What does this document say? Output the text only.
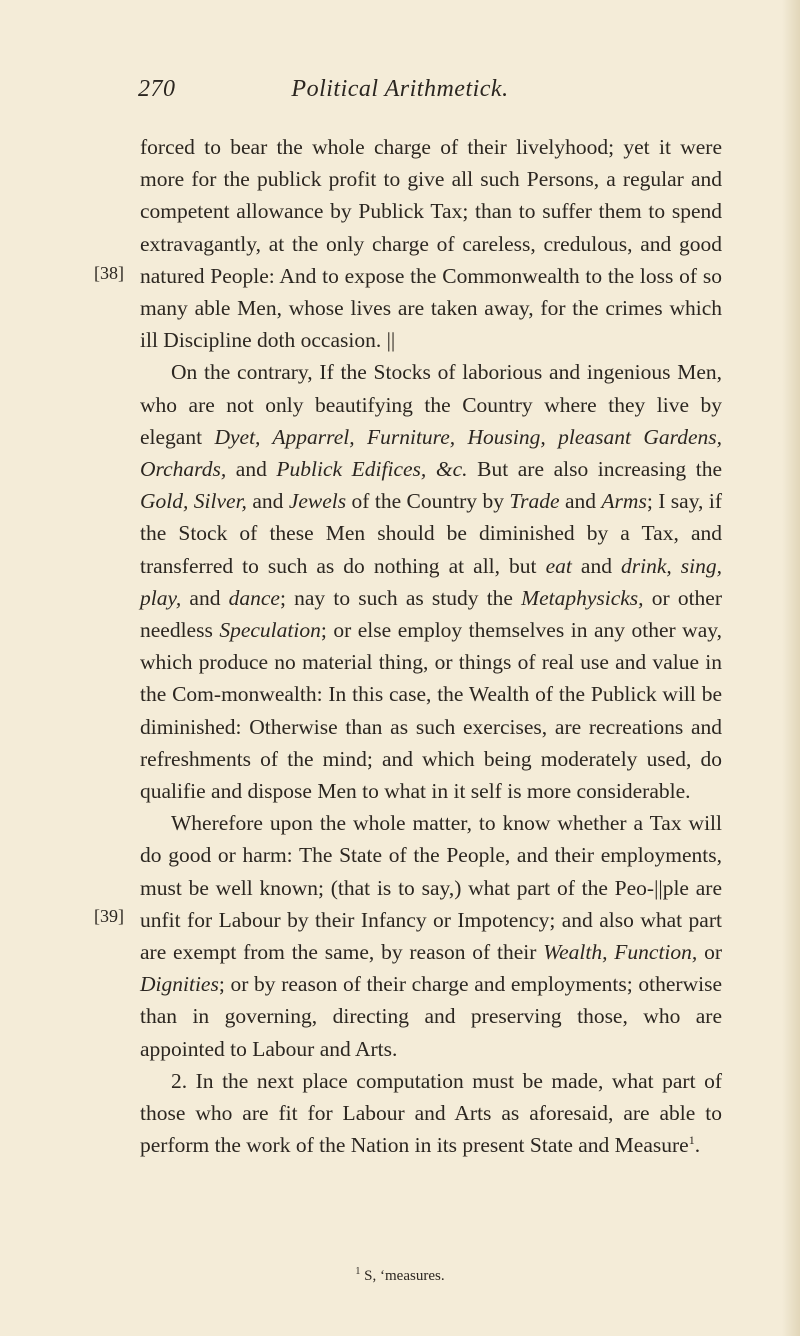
270	Political Arithmetick.
[38]
[39]

forced to bear the whole charge of their livelyhood; yet it were more for the publick profit to give all such Persons, a regular and competent allowance by Publick Tax; than to suffer them to spend extravagantly, at the only charge of careless, credulous, and good natured People: And to expose the Commonwealth to the loss of so many able Men, whose lives are taken away, for the crimes which ill Discipline doth occasion. ||

On the contrary, If the Stocks of laborious and ingenious Men, who are not only beautifying the Country where they live by elegant Dyet, Apparrel, Furniture, Housing, pleasant Gardens, Orchards, and Publick Edifices, &c. But are also increasing the Gold, Silver, and Jewels of the Country by Trade and Arms; I say, if the Stock of these Men should be diminished by a Tax, and transferred to such as do nothing at all, but eat and drink, sing, play, and dance; nay to such as study the Metaphysicks, or other needless Speculation; or else employ themselves in any other way, which produce no material thing, or things of real use and value in the Com-monwealth: In this case, the Wealth of the Publick will be diminished: Otherwise than as such exercises, are recreations and refreshments of the mind; and which being moderately used, do qualifie and dispose Men to what in it self is more considerable.

Wherefore upon the whole matter, to know whether a Tax will do good or harm: The State of the People, and their employments, must be well known; (that is to say,) what part of the Peo-||ple are unfit for Labour by their Infancy or Impotency; and also what part are exempt from the same, by reason of their Wealth, Function, or Dignities; or by reason of their charge and employments; otherwise than in governing, directing and preserving those, who are appointed to Labour and Arts.

2. In the next place computation must be made, what part of those who are fit for Labour and Arts as aforesaid, are able to perform the work of the Nation in its present State and Measure$^1$.

$^1$ S, ‘measures.
